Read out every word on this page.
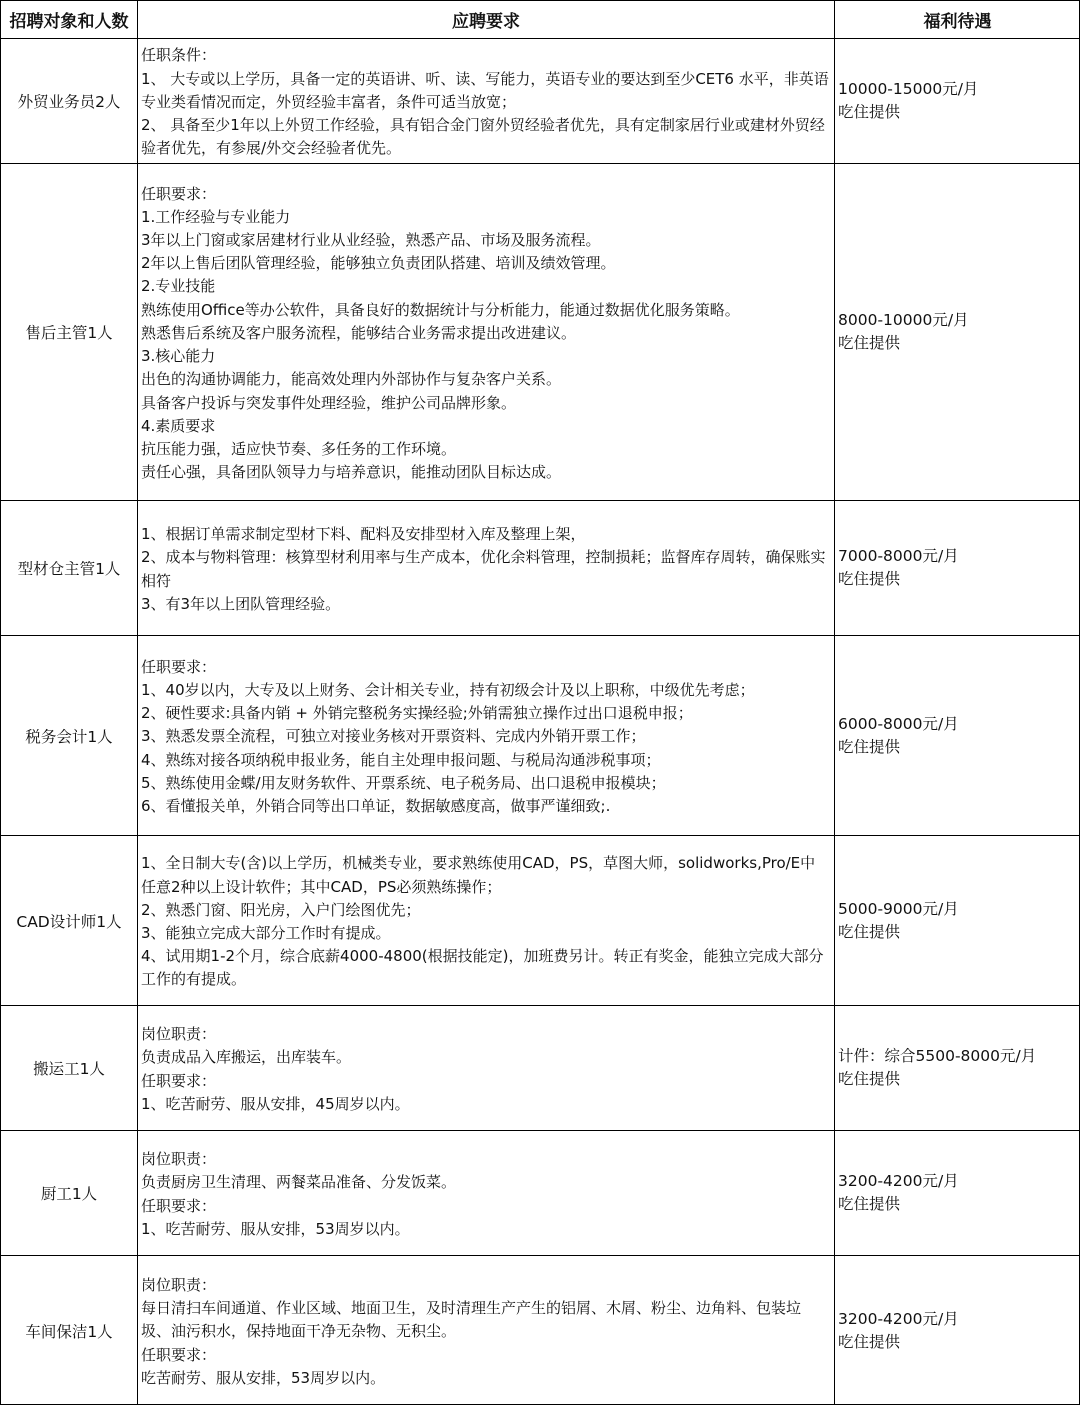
招聘对象和人数	应聘要求	福利待遇
外贸业务员2人
任职条件：
1、 大专或以上学历，具备一定的英语讲、听、读、写能力，英语专业的要达到至少CET6 水平，非英语专业类看情况而定，外贸经验丰富者，条件可适当放宽；
2、 具备至少1年以上外贸工作经验，具有铝合金门窗外贸经验者优先，具有定制家居行业或建材外贸经验者优先，有参展/外交会经验者优先。
10000-15000元/月
吃住提供
售后主管1人
任职要求：
1.工作经验与专业能力
3年以上门窗或家居建材行业从业经验，熟悉产品、市场及服务流程。
2年以上售后团队管理经验，能够独立负责团队搭建、培训及绩效管理。
2.专业技能
熟练使用Office等办公软件，具备良好的数据统计与分析能力，能通过数据优化服务策略。
熟悉售后系统及客户服务流程，能够结合业务需求提出改进建议。
3.核心能力
出色的沟通协调能力，能高效处理内外部协作与复杂客户关系。
具备客户投诉与突发事件处理经验，维护公司品牌形象。
4.素质要求
抗压能力强，适应快节奏、多任务的工作环境。
责任心强，具备团队领导力与培养意识，能推动团队目标达成。
8000-10000元/月
吃住提供
型材仓主管1人
1、根据订单需求制定型材下料、配料及安排型材入库及整理上架，
2、成本与物料管理：核算型材利用率与生产成本，优化余料管理，控制损耗；监督库存周转，确保账实相符
3、有3年以上团队管理经验。
7000-8000元/月
吃住提供
税务会计1人
任职要求：
1、40岁以内，大专及以上财务、会计相关专业，持有初级会计及以上职称，中级优先考虑；
2、硬性要求:具备内销 + 外销完整税务实操经验;外销需独立操作过出口退税申报；
3、熟悉发票全流程，可独立对接业务核对开票资料、完成内外销开票工作；
4、熟练对接各项纳税申报业务，能自主处理申报问题、与税局沟通涉税事项；
5、熟练使用金蝶/用友财务软件、开票系统、电子税务局、出口退税申报模块；
6、看懂报关单，外销合同等出口单证，数据敏感度高，做事严谨细致;.
6000-8000元/月
吃住提供
CAD设计师1人
1、全日制大专(含)以上学历，机械类专业，要求熟练使用CAD，PS，草图大师，solidworks,Pro/E中任意2种以上设计软件；其中CAD，PS必须熟练操作；
2、熟悉门窗、阳光房，入户门绘图优先；
3、能独立完成大部分工作时有提成。
4、试用期1-2个月，综合底薪4000-4800(根据技能定)，加班费另计。转正有奖金，能独立完成大部分工作的有提成。
5000-9000元/月
吃住提供
搬运工1人
岗位职责：
负责成品入库搬运，出库装车。
任职要求：
1、吃苦耐劳、服从安排，45周岁以内。
计件：综合5500-8000元/月
吃住提供
厨工1人
岗位职责：
负责厨房卫生清理、两餐菜品准备、分发饭菜。
任职要求：
1、吃苦耐劳、服从安排，53周岁以内。
3200-4200元/月
吃住提供
车间保洁1人
岗位职责：
每日清扫车间通道、作业区域、地面卫生，及时清理生产产生的铝屑、木屑、粉尘、边角料、包装垃圾、油污积水，保持地面干净无杂物、无积尘。
任职要求：
吃苦耐劳、服从安排，53周岁以内。
3200-4200元/月
吃住提供
